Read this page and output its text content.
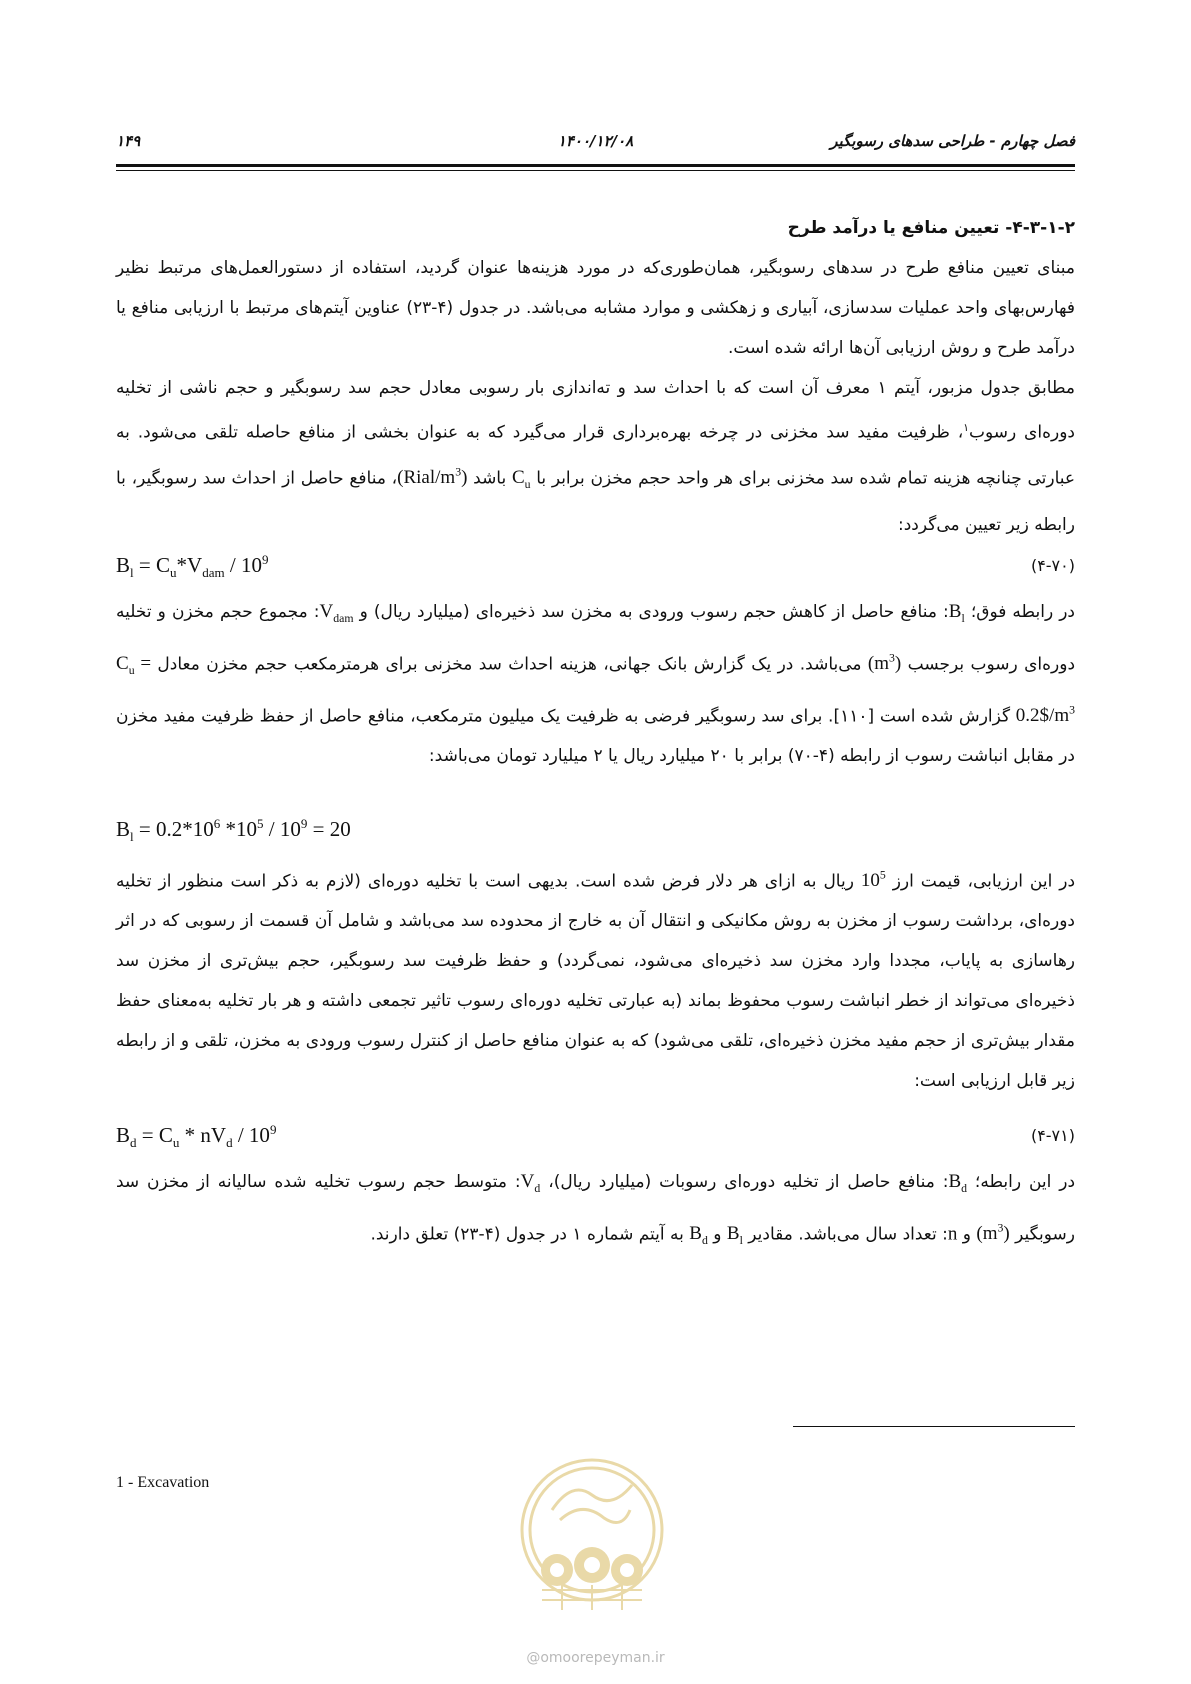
۱۴۹	۱۴۰۰/۱۲/۰۸	فصل چهارم - طراحی سدهای رسوبگیر
۴-۳-۱-۲- تعیین منافع یا درآمد طرح
مبنای تعیین منافع طرح در سدهای رسوبگیر، همان‌طوری‌که در مورد هزینه‌ها عنوان گردید، استفاده از دستورالعمل‌های مرتبط نظیر فهارس‌بهای واحد عملیات سدسازی، آبیاری و زهکشی و موارد مشابه می‌باشد. در جدول (۴-۲۳) عناوین آیتم‌های مرتبط با ارزیابی منافع یا درآمد طرح و روش ارزیابی آن‌ها ارائه شده است.
مطابق جدول مزبور، آیتم ۱ معرف آن است که با احداث سد و ته‌اندازی بار رسوبی معادل حجم سد رسوبگیر و حجم ناشی از تخلیه دوره‌ای رسوب$^۱$، ظرفیت مفید سد مخزنی در چرخه بهره‌برداری قرار می‌گیرد که به عنوان بخشی از منافع حاصله تلقی می‌شود. به عبارتی چنانچه هزینه تمام شده سد مخزنی برای هر واحد حجم مخزن برابر با $C_u$ باشد $(Rial/m^3)،$ منافع حاصل از احداث سد رسوبگیر، با رابطه زیر تعیین می‌گردد:
$B_l = C_u*V_{dam} / 10^9$	(۴-۷۰)
در رابطه فوق؛ $B_l$: منافع حاصل از کاهش حجم رسوب ورودی به مخزن سد ذخیره‌ای (میلیارد ریال) و $V_{dam}$: مجموع حجم مخزن و تخلیه دوره‌ای رسوب برجسب $(m^3)$ می‌باشد. در یک گزارش بانک جهانی، هزینه احداث سد مخزنی برای هرمترمکعب حجم مخزن معادل $C_u$ = $0.2\$/m^3$ گزارش شده است [۱۱۰]. برای سد رسوبگیر فرضی به ظرفیت یک میلیون مترمکعب، منافع حاصل از حفظ ظرفیت مفید مخزن در مقابل انباشت رسوب از رابطه (۴-۷۰) برابر با ۲۰ میلیارد ریال یا ۲ میلیارد تومان می‌باشد:
$B_l = 0.2*10^6$ $*10^5 / 10^9 = 20$
در این ارزیابی، قیمت ارز $10^5$ ریال به ازای هر دلار فرض شده است. بدیهی است با تخلیه دوره‌ای (لازم به ذکر است منظور از تخلیه دوره‌ای، برداشت رسوب از مخزن به روش مکانیکی و انتقال آن به خارج از محدوده سد می‌باشد و شامل آن قسمت از رسوبی که در اثر رهاسازی به پایاب، مجددا وارد مخزن سد ذخیره‌ای می‌شود، نمی‌گردد) و حفظ ظرفیت سد رسوبگیر، حجم بیش‌تری از مخزن سد ذخیره‌ای می‌تواند از خطر انباشت رسوب محفوظ بماند (به عبارتی تخلیه دوره‌ای رسوب تاثیر تجمعی داشته و هر بار تخلیه به‌معنای حفظ مقدار بیش‌تری از حجم مفید مخزن ذخیره‌ای، تلقی می‌شود) که به عنوان منافع حاصل از کنترل رسوب ورودی به مخزن، تلقی و از رابطه زیر قابل ارزیابی است:
$B_d = C_u * nV_d / 10^9$	(۴-۷۱)
در این رابطه؛ $B_d$: منافع حاصل از تخلیه دوره‌ای رسوبات (میلیارد ریال)، $V_d$: متوسط حجم رسوب تخلیه شده سالیانه از مخزن سد رسوبگیر $(m^3)$ و n: تعداد سال می‌باشد. مقادیر $B_l$ و $B_d$ به آیتم شماره ۱ در جدول (۴-۲۳) تعلق دارند.
1 - Excavation
@omoorepeyman.ir
